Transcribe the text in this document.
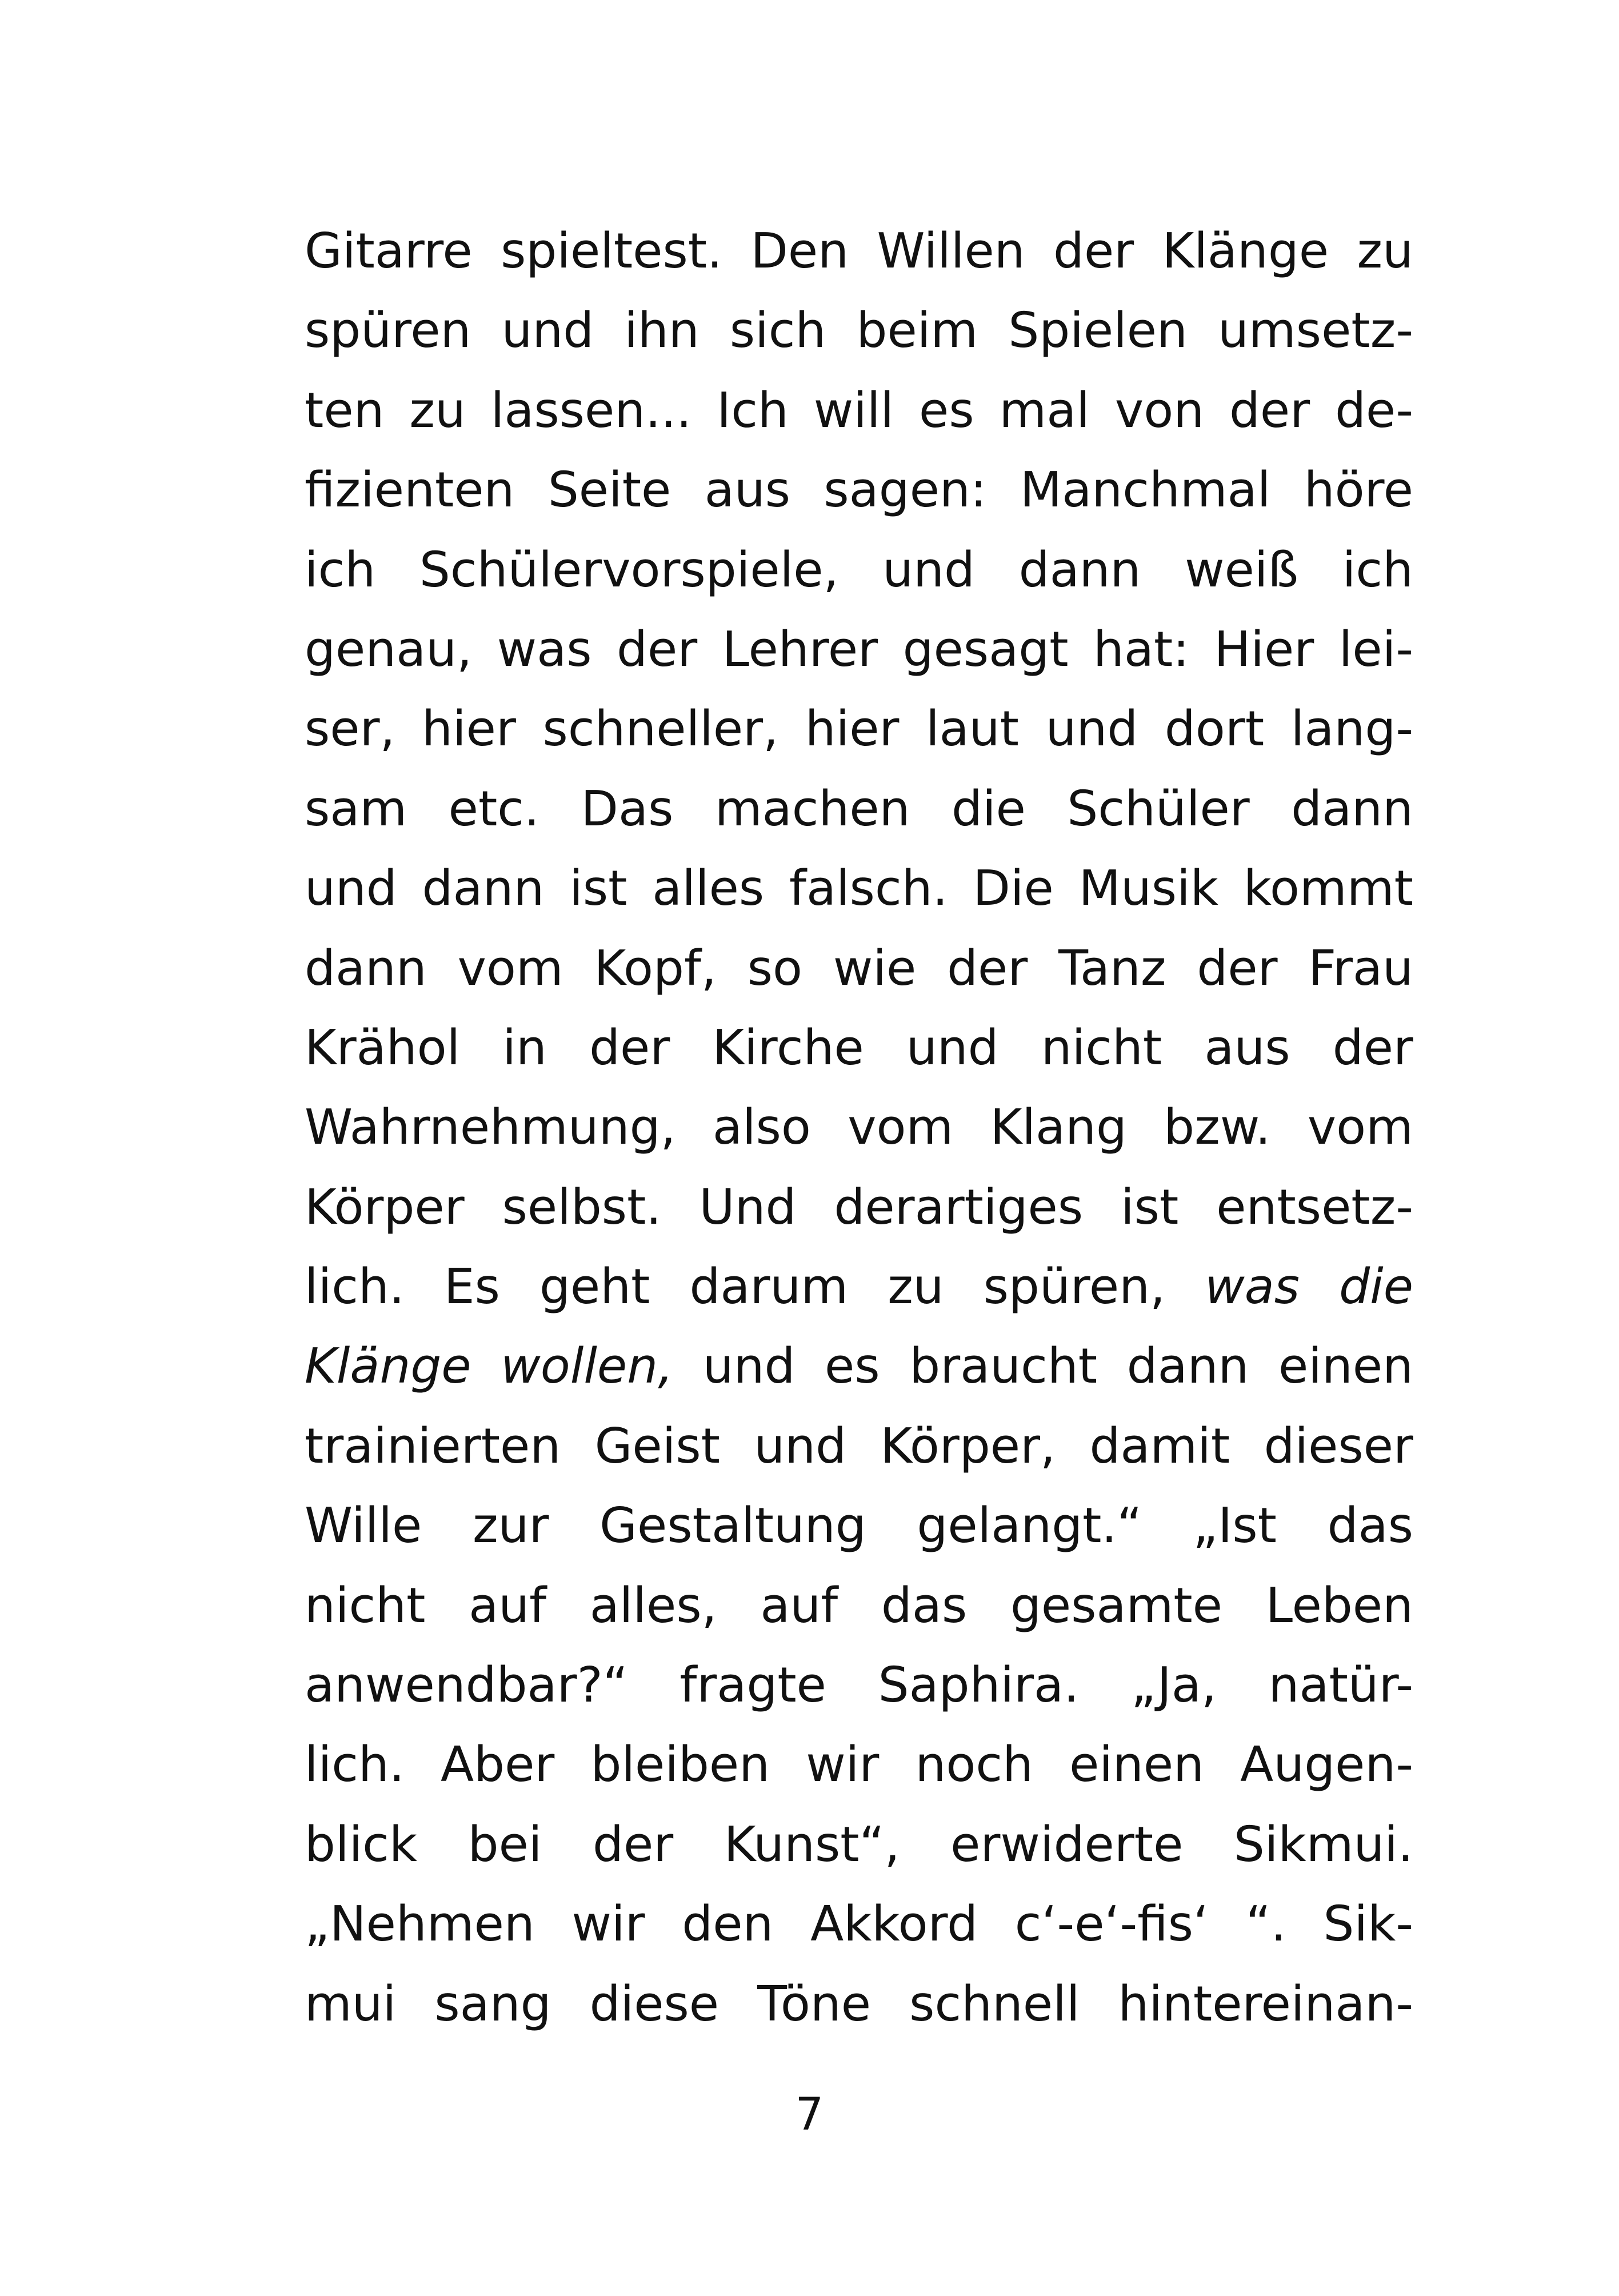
Gitarre spieltest. Den Willen der Klänge zu
spüren und ihn sich beim Spielen umsetz-
ten zu lassen... Ich will es mal von der de-
fizienten Seite aus sagen: Manchmal höre
ich Schülervorspiele, und dann weiß ich
genau, was der Lehrer gesagt hat: Hier lei-
ser, hier schneller, hier laut und dort lang-
sam etc. Das machen die Schüler dann
und dann ist alles falsch. Die Musik kommt
dann vom Kopf, so wie der Tanz der Frau
Krähol in der Kirche und nicht aus der
Wahrnehmung, also vom Klang bzw. vom
Körper selbst. Und derartiges ist entsetz-
lich. Es geht darum zu spüren, was die
Klänge wollen, und es braucht dann einen
trainierten Geist und Körper, damit dieser
Wille zur Gestaltung gelangt.“ „Ist das
nicht auf alles, auf das gesamte Leben
anwendbar?“ fragte Saphira. „Ja, natür-
lich. Aber bleiben wir noch einen Augen-
blick bei der Kunst“, erwiderte Sikmui.
„Nehmen wir den Akkord c‘-e‘-fis‘ “. Sik-
mui sang diese Töne schnell hintereinan-
7
